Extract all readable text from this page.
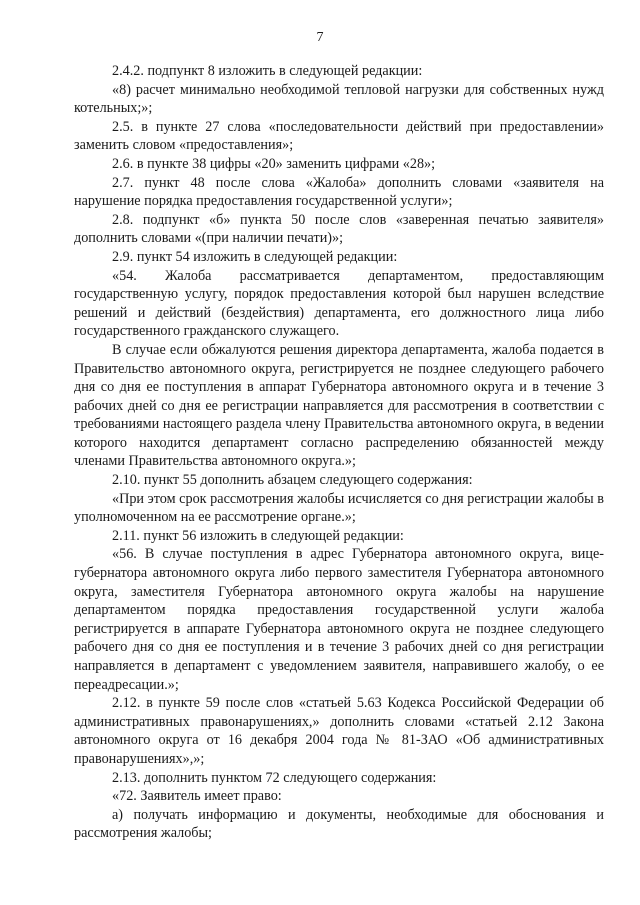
7

2.4.2. подпункт 8 изложить в следующей редакции:

«8) расчет минимально необходимой тепловой нагрузки для собственных нужд котельных;»;

2.5. в пункте 27 слова «последовательности действий при предоставлении» заменить словом «предоставления»;

2.6. в пункте 38 цифры «20» заменить цифрами «28»;

2.7. пункт 48 после слова «Жалоба» дополнить словами «заявителя на нарушение порядка предоставления государственной услуги»;

2.8. подпункт «б» пункта 50 после слов «заверенная печатью заявителя» дополнить словами «(при наличии печати)»;

2.9. пункт 54 изложить в следующей редакции:

«54. Жалоба рассматривается департаментом, предоставляющим государственную услугу, порядок предоставления которой был нарушен вследствие решений и действий (бездействия) департамента, его должностного лица либо государственного гражданского служащего.

В случае если обжалуются решения директора департамента, жалоба подается в Правительство автономного округа, регистрируется не позднее следующего рабочего дня со дня ее поступления в аппарат Губернатора автономного округа и в течение 3 рабочих дней со дня ее регистрации направляется для рассмотрения в соответствии с требованиями настоящего раздела члену Правительства автономного округа, в ведении которого находится департамент согласно распределению обязанностей между членами Правительства автономного округа.»;

2.10. пункт 55 дополнить абзацем следующего содержания:

«При этом срок рассмотрения жалобы исчисляется со дня регистрации жалобы в уполномоченном на ее рассмотрение органе.»;

2.11. пункт 56 изложить в следующей редакции:

«56. В случае поступления в адрес Губернатора автономного округа, вице-губернатора автономного округа либо первого заместителя Губернатора автономного округа, заместителя Губернатора автономного округа жалобы на нарушение департаментом порядка предоставления государственной услуги жалоба регистрируется в аппарате Губернатора автономного округа не позднее следующего рабочего дня со дня ее поступления и в течение 3 рабочих дней со дня регистрации направляется в департамент с уведомлением заявителя, направившего жалобу, о ее переадресации.»;

2.12. в пункте 59 после слов «статьей 5.63 Кодекса Российской Федерации об административных правонарушениях,» дополнить словами «статьей 2.12 Закона автономного округа от 16 декабря 2004 года № 81-ЗАО «Об административных правонарушениях»,»;

2.13. дополнить пунктом 72 следующего содержания:

«72. Заявитель имеет право:

а) получать информацию и документы, необходимые для обоснования и рассмотрения жалобы;
